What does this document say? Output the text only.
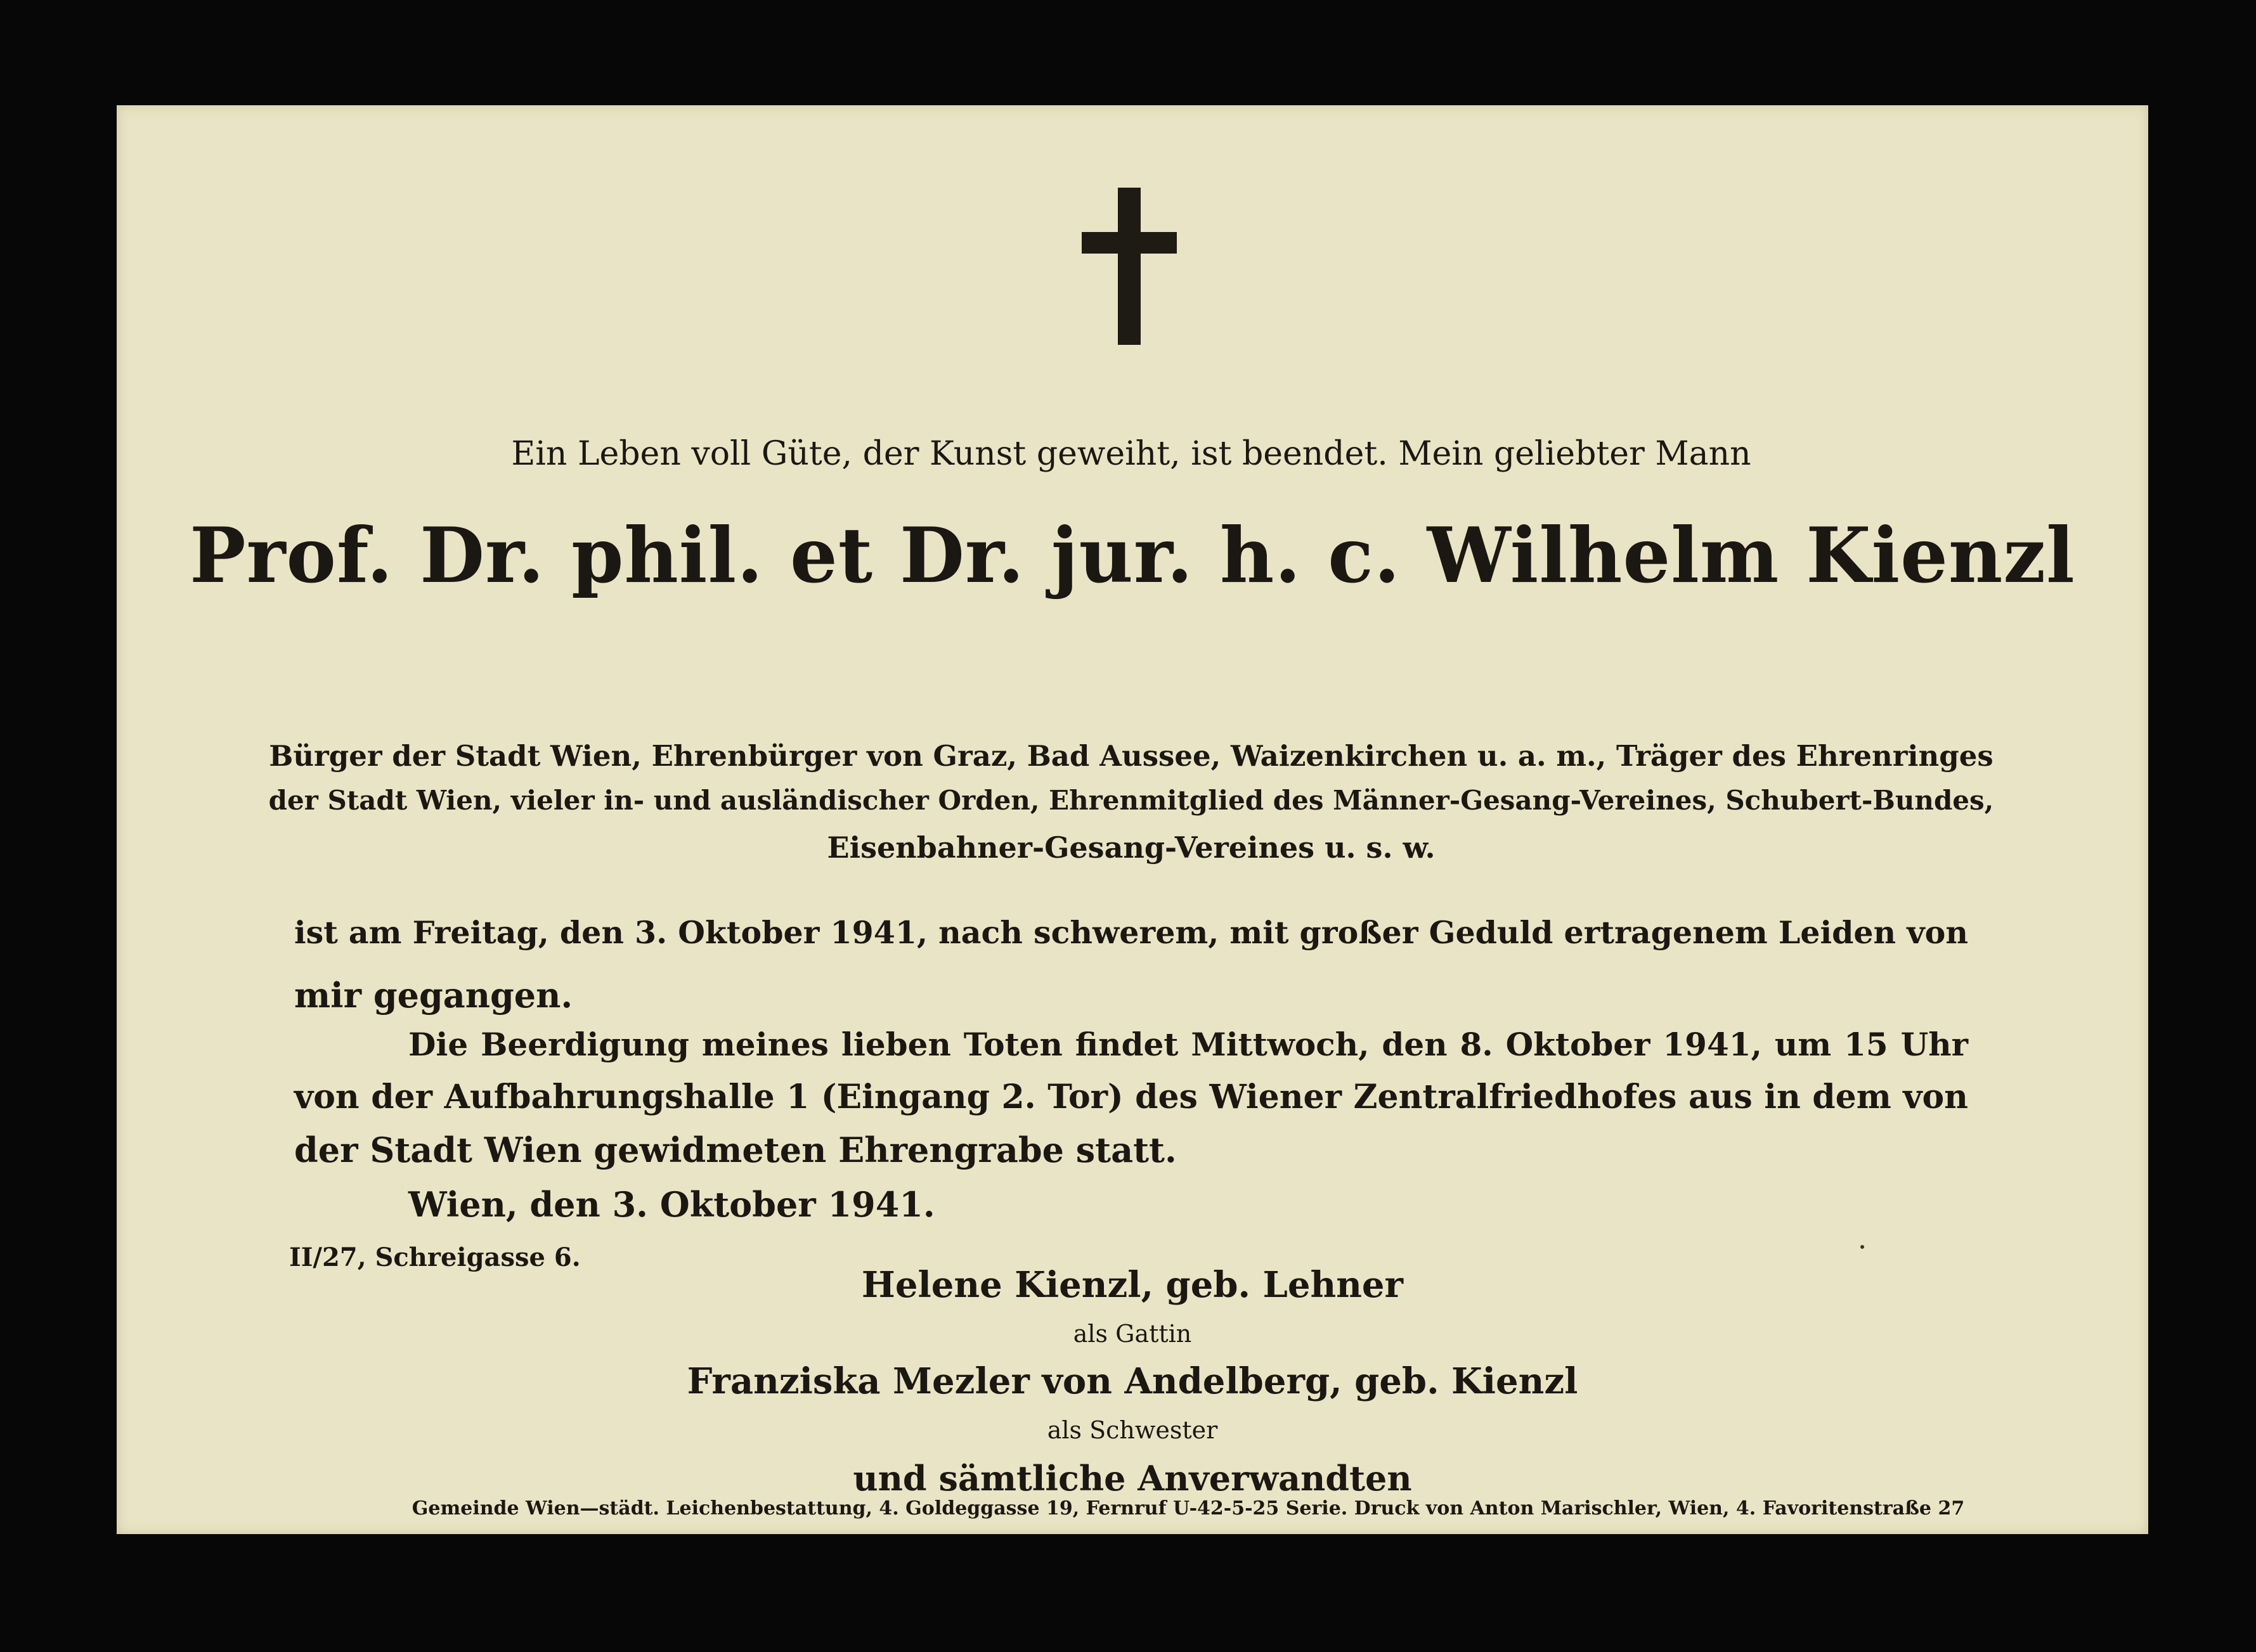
Ein Leben voll Güte, der Kunst geweiht, ist beendet. Mein geliebter Mann

Prof. Dr. phil. et Dr. jur. h. c. Wilhelm Kienzl

Bürger der Stadt Wien, Ehrenbürger von Graz, Bad Aussee, Waizenkirchen u. a. m., Träger des Ehrenringes

der Stadt Wien, vieler in- und ausländischer Orden, Ehrenmitglied des Männer-Gesang-Vereines, Schubert-Bundes,

Eisenbahner-Gesang-Vereines u. s. w.

ist am Freitag, den 3. Oktober 1941, nach schwerem, mit großer Geduld ertragenem Leiden von

mir gegangen.

Die Beerdigung meines lieben Toten findet Mittwoch, den 8. Oktober 1941, um 15 Uhr

von der Aufbahrungshalle 1 (Eingang 2. Tor) des Wiener Zentralfriedhofes aus in dem von

der Stadt Wien gewidmeten Ehrengrabe statt.

Wien, den 3. Oktober 1941.

II/27, Schreigasse 6.

Helene Kienzl, geb. Lehner

als Gattin

Franziska Mezler von Andelberg, geb. Kienzl

als Schwester

und sämtliche Anverwandten

Gemeinde Wien—städt. Leichenbestattung, 4. Goldeggasse 19, Fernruf U-42-5-25 Serie. Druck von Anton Marischler, Wien, 4. Favoritenstraße 27
